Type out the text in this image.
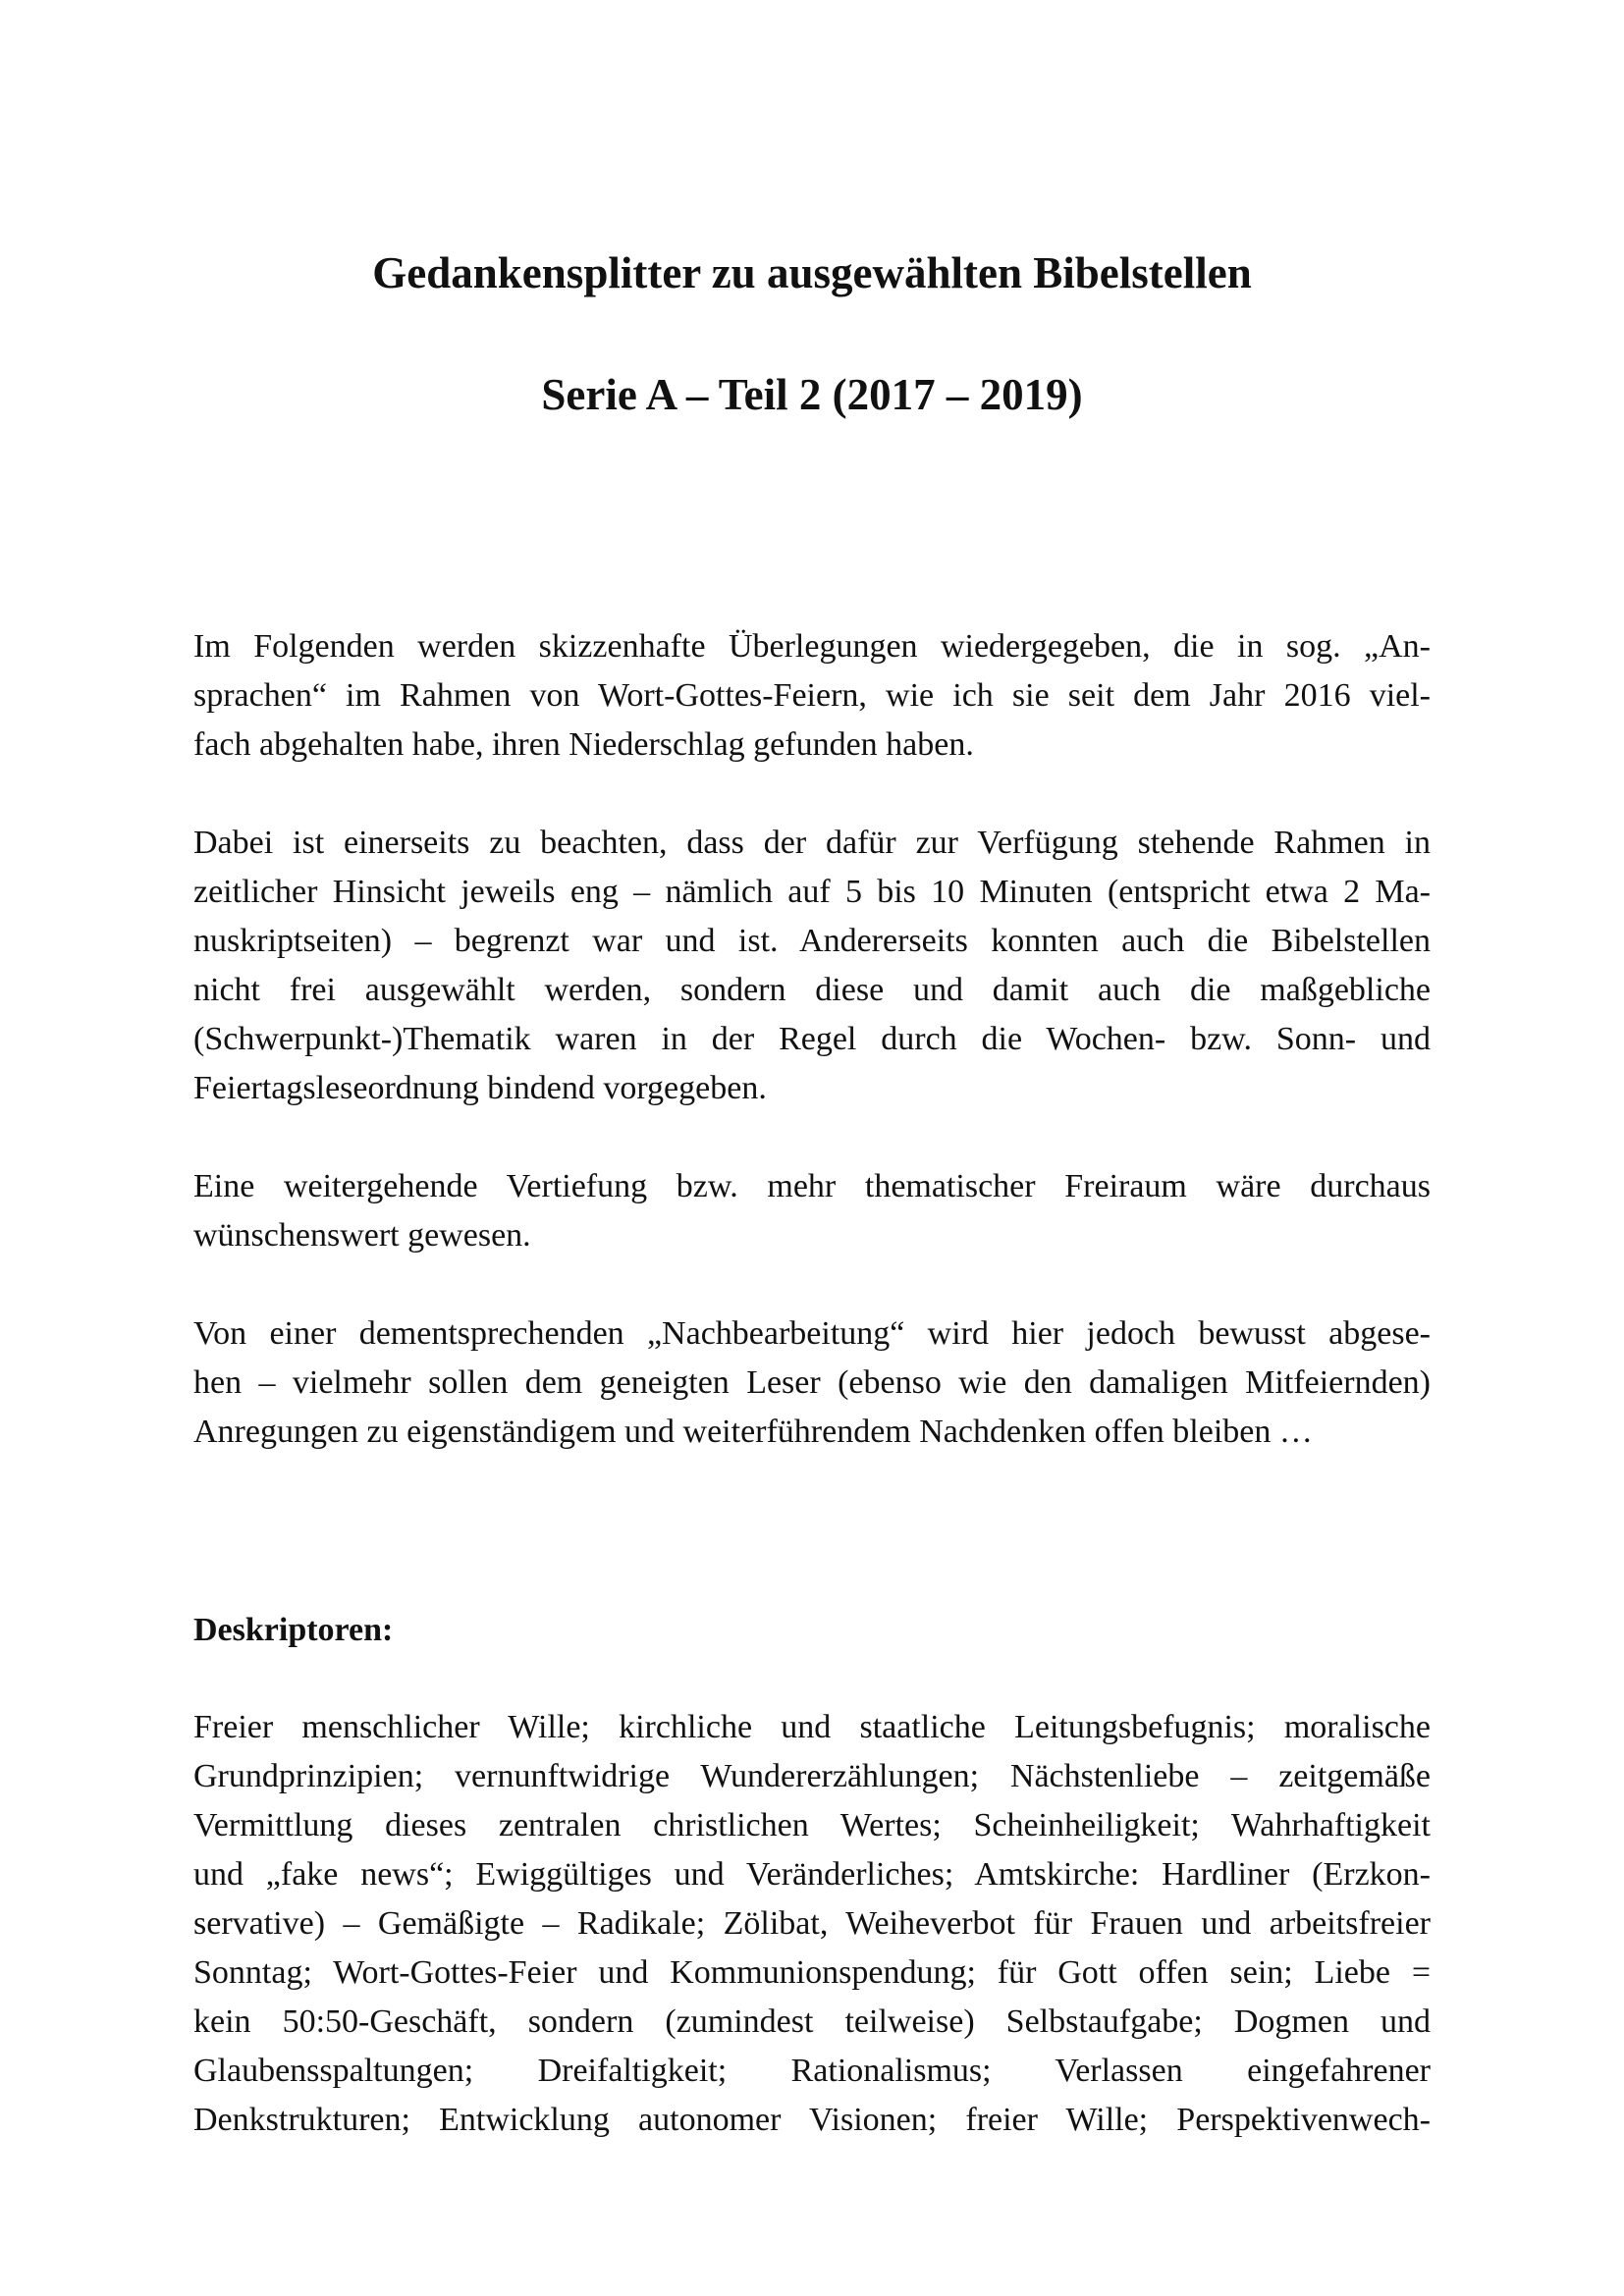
Gedankensplitter zu ausgewählten Bibelstellen
Serie A – Teil 2 (2017 – 2019)
Im Folgenden werden skizzenhafte Überlegungen wiedergegeben, die in sog. „An-
sprachen“ im Rahmen von Wort-Gottes-Feiern, wie ich sie seit dem Jahr 2016 viel-
fach abgehalten habe, ihren Niederschlag gefunden haben.
Dabei ist einerseits zu beachten, dass der dafür zur Verfügung stehende Rahmen in
zeitlicher Hinsicht jeweils eng – nämlich auf 5 bis 10 Minuten (entspricht etwa 2 Ma-
nuskriptseiten) – begrenzt war und ist. Andererseits konnten auch die Bibelstellen
nicht frei ausgewählt werden, sondern diese und damit auch die maßgebliche
(Schwerpunkt-)Thematik waren in der Regel durch die Wochen- bzw. Sonn- und
Feiertagsleseordnung bindend vorgegeben.
Eine weitergehende Vertiefung bzw. mehr thematischer Freiraum wäre durchaus
wünschenswert gewesen.
Von einer dementsprechenden „Nachbearbeitung“ wird hier jedoch bewusst abgese-
hen – vielmehr sollen dem geneigten Leser (ebenso wie den damaligen Mitfeiernden)
Anregungen zu eigenständigem und weiterführendem Nachdenken offen bleiben …

Deskriptoren:

Freier menschlicher Wille; kirchliche und staatliche Leitungsbefugnis; moralische
Grundprinzipien; vernunftwidrige Wundererzählungen; Nächstenliebe – zeitgemäße
Vermittlung dieses zentralen christlichen Wertes; Scheinheiligkeit; Wahrhaftigkeit
und „fake news“; Ewiggültiges und Veränderliches; Amtskirche: Hardliner (Erzkon-
servative) – Gemäßigte – Radikale; Zölibat, Weiheverbot für Frauen und arbeitsfreier
Sonntag; Wort-Gottes-Feier und Kommunionspendung; für Gott offen sein; Liebe =
kein 50:50-Geschäft, sondern (zumindest teilweise) Selbstaufgabe; Dogmen und
Glaubensspaltungen; Dreifaltigkeit; Rationalismus; Verlassen eingefahrener
Denkstrukturen; Entwicklung autonomer Visionen; freier Wille; Perspektivenwech-
